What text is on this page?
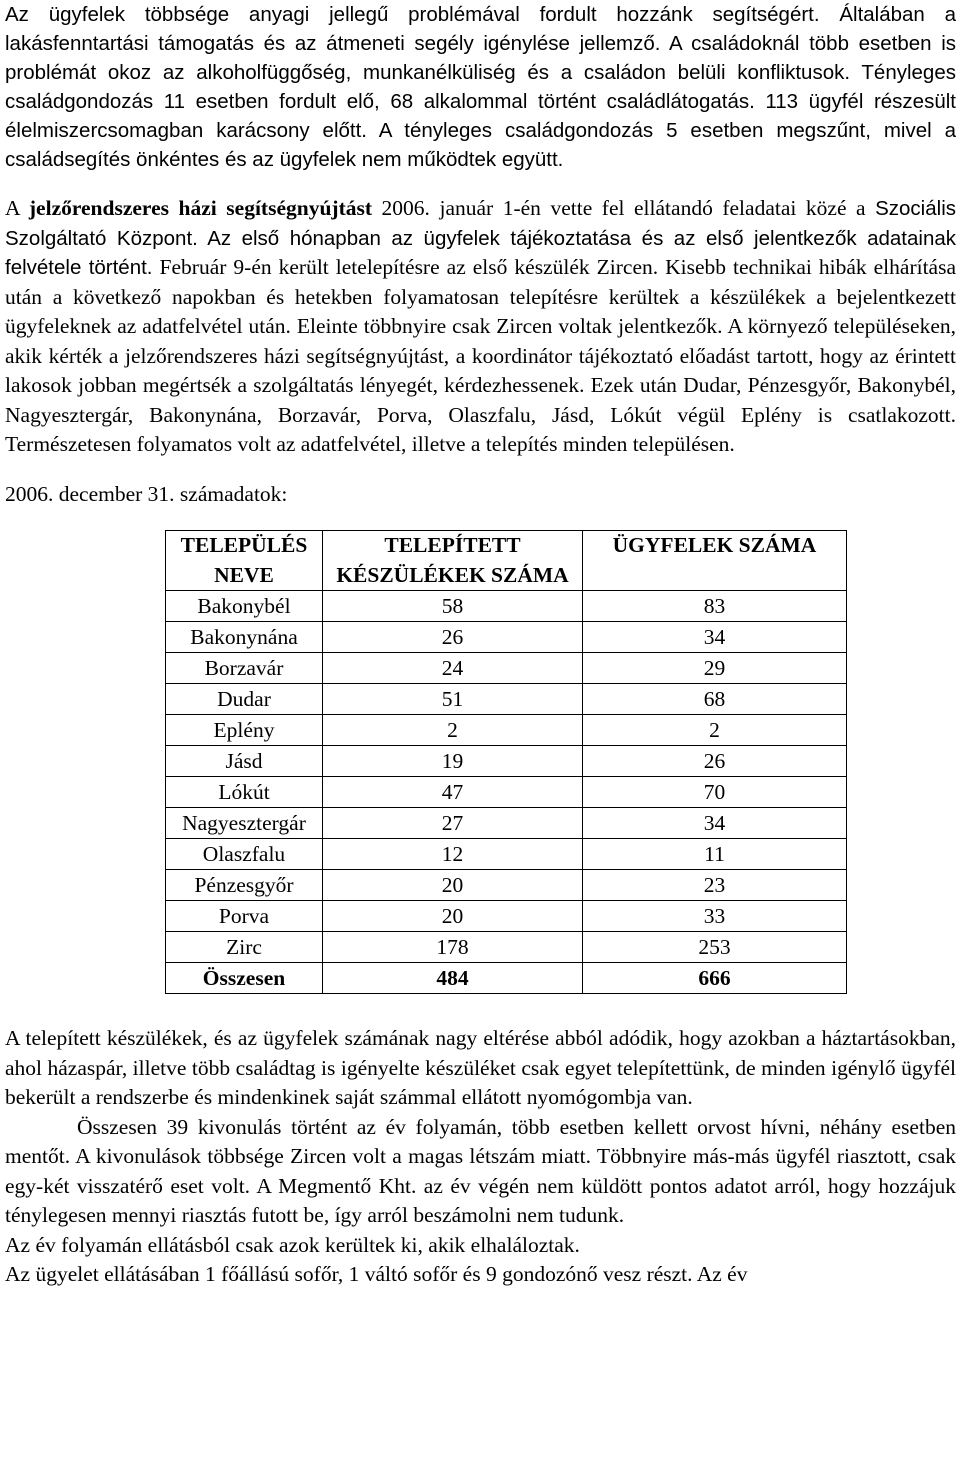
Az ügyfelek többsége anyagi jellegű problémával fordult hozzánk segítségért. Általában a lakásfenntartási támogatás és az átmeneti segély igénylése jellemző. A családoknál több esetben is problémát okoz az alkoholfüggőség, munkanélküliség és a családon belüli konfliktusok. Tényleges családgondozás 11 esetben fordult elő, 68 alkalommal történt családlátogatás. 113 ügyfél részesült élelmiszercsomagban karácsony előtt. A tényleges családgondozás 5 esetben megszűnt, mivel a családsegítés önkéntes és az ügyfelek nem működtek együtt.

A jelzőrendszeres házi segítségnyújtást 2006. január 1-én vette fel ellátandó feladatai közé a Szociális Szolgáltató Központ. Az első hónapban az ügyfelek tájékoztatása és az első jelentkezők adatainak felvétele történt. Február 9-én került letelepítésre az első készülék Zircen. Kisebb technikai hibák elhárítása után a következő napokban és hetekben folyamatosan telepítésre kerültek a készülékek a bejelentkezett ügyfeleknek az adatfelvétel után. Eleinte többnyire csak Zircen voltak jelentkezők. A környező településeken, akik kérték a jelzőrendszeres házi segítségnyújtást, a koordinátor tájékoztató előadást tartott, hogy az érintett lakosok jobban megértsék a szolgáltatás lényegét, kérdezhessenek. Ezek után Dudar, Pénzesgyőr, Bakonybél, Nagyesztergár, Bakonynána, Borzavár, Porva, Olaszfalu, Jásd, Lókút végül Eplény is csatlakozott. Természetesen folyamatos volt az adatfelvétel, illetve a telepítés minden településen.

2006. december 31. számadatok:

TELEPÜLÉS NEVE	TELEPÍTETT KÉSZÜLÉKEK SZÁMA	ÜGYFELEK SZÁMA
Bakonybél	58	83
Bakonynána	26	34
Borzavár	24	29
Dudar	51	68
Eplény	2	2
Jásd	19	26
Lókút	47	70
Nagyesztergár	27	34
Olaszfalu	12	11
Pénzesgyőr	20	23
Porva	20	33
Zirc	178	253
Összesen	484	666

A telepített készülékek, és az ügyfelek számának nagy eltérése abból adódik, hogy azokban a háztartásokban, ahol házaspár, illetve több családtag is igényelte készüléket csak egyet telepítettünk, de minden igénylő ügyfél bekerült a rendszerbe és mindenkinek saját számmal ellátott nyomógombja van.

Összesen 39 kivonulás történt az év folyamán, több esetben kellett orvost hívni, néhány esetben mentőt. A kivonulások többsége Zircen volt a magas létszám miatt. Többnyire más-más ügyfél riasztott, csak egy-két visszatérő eset volt. A Megmentő Kht. az év végén nem küldött pontos adatot arról, hogy hozzájuk ténylegesen mennyi riasztás futott be, így arról beszámolni nem tudunk.

Az év folyamán ellátásból csak azok kerültek ki, akik elhaláloztak.

Az ügyelet ellátásában 1 főállású sofőr, 1 váltó sofőr és 9 gondozónő vesz részt. Az év
